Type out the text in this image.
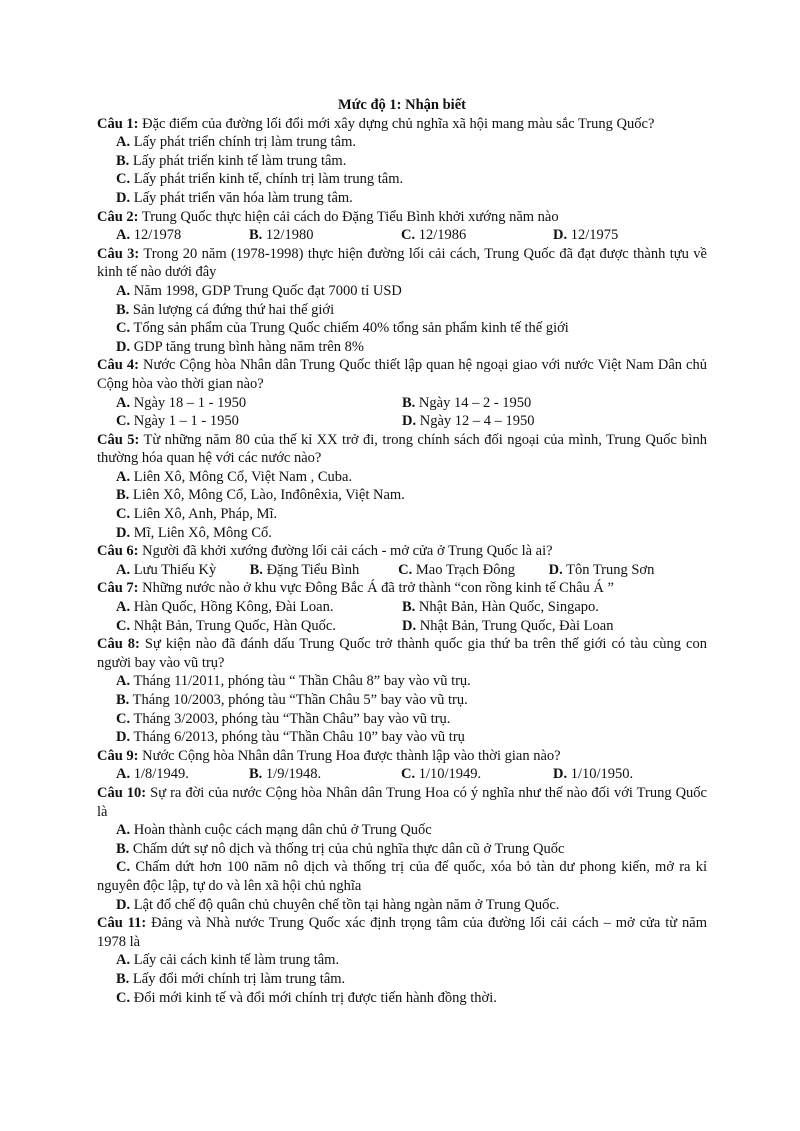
Mức độ 1: Nhận biết
Câu 1: Đặc điểm của đường lối đổi mới xây dựng chủ nghĩa xã hội mang màu sắc Trung Quốc?
A. Lấy phát triển chính trị làm trung tâm.
B. Lấy phát triển kinh tế làm trung tâm.
C. Lấy phát triển kinh tế, chính trị làm trung tâm.
D. Lấy phát triển văn hóa làm trung tâm.
Câu 2: Trung Quốc thực hiện cải cách do Đặng Tiểu Bình khởi xướng năm nào
A. 12/1978	B. 12/1980	C. 12/1986	D. 12/1975
Câu 3: Trong 20 năm (1978-1998) thực hiện đường lối cải cách, Trung Quốc đã đạt được thành tựu về kinh tế nào dưới đây
A. Năm 1998, GDP Trung Quốc đạt 7000 tỉ USD
B. Sản lượng cá đứng thứ hai thế giới
C. Tổng sản phẩm của Trung Quốc chiếm 40% tổng sản phẩm kinh tế thế giới
D. GDP tăng trung bình hàng năm trên 8%
Câu 4: Nước Cộng hòa Nhân dân Trung Quốc thiết lập quan hệ ngoại giao với nước Việt Nam Dân chủ Cộng hòa vào thời gian nào?
A. Ngày 18 – 1 - 1950	B. Ngày 14 – 2 - 1950
C. Ngày 1 – 1 - 1950	D. Ngày 12 – 4 – 1950
Câu 5: Từ những năm 80 của thế kỉ XX trở đi, trong chính sách đối ngoại của mình, Trung Quốc bình thường hóa quan hệ với các nước nào?
A. Liên Xô, Mông Cổ, Việt Nam , Cuba.
B. Liên Xô, Mông Cổ, Lào, Inđônêxia, Việt Nam.
C. Liên Xô, Anh, Pháp, Mĩ.
D. Mĩ, Liên Xô, Mông Cổ.
Câu 6: Người đã khởi xướng đường lối cải cách - mở cửa ở Trung Quốc là ai?
A. Lưu Thiếu Kỳ	B. Đặng Tiểu Bình	C. Mao Trạch Đông	D. Tôn Trung Sơn
Câu 7: Những nước nào ở khu vực Đông Bắc Á đã trở thành “con rồng kinh tế Châu Á ”
A. Hàn Quốc, Hồng Kông, Đài Loan.	B. Nhật Bản, Hàn Quốc, Singapo.
C. Nhật Bản, Trung Quốc, Hàn Quốc.	D. Nhật Bản, Trung Quốc, Đài Loan
Câu 8: Sự kiện nào đã đánh dấu Trung Quốc trở thành quốc gia thứ ba trên thế giới có tàu cùng con người bay vào vũ trụ?
A. Tháng 11/2011, phóng tàu “ Thần Châu 8” bay vào vũ trụ.
B. Tháng 10/2003, phóng tàu “Thần Châu 5” bay vào vũ trụ.
C. Tháng 3/2003, phóng tàu “Thần Châu” bay vào vũ trụ.
D. Tháng 6/2013, phóng tàu “Thần Châu 10” bay vào vũ trụ
Câu 9: Nước Cộng hòa Nhân dân Trung Hoa được thành lập vào thời gian nào?
A. 1/8/1949.	B. 1/9/1948.	C. 1/10/1949.	D. 1/10/1950.
Câu 10: Sự ra đời của nước Cộng hòa Nhân dân Trung Hoa có ý nghĩa như thế nào đối với Trung Quốc là
A. Hoàn thành cuộc cách mạng dân chủ ở Trung Quốc
B. Chấm dứt sự nô dịch và thống trị của chủ nghĩa thực dân cũ ở Trung Quốc
C. Chấm dứt hơn 100 năm nô dịch và thống trị của đế quốc, xóa bỏ tàn dư phong kiến, mở ra kỉ nguyên độc lập, tự do và lên xã hội chủ nghĩa
D. Lật đổ chế độ quân chủ chuyên chế tồn tại hàng ngàn năm ở Trung Quốc.
Câu 11: Đảng và Nhà nước Trung Quốc xác định trọng tâm của đường lối cải cách – mở cửa từ năm 1978 là
A. Lấy cải cách kinh tế làm trung tâm.
B. Lấy đổi mới chính trị làm trung tâm.
C. Đổi mới kinh tế và đổi mới chính trị được tiến hành đồng thời.
